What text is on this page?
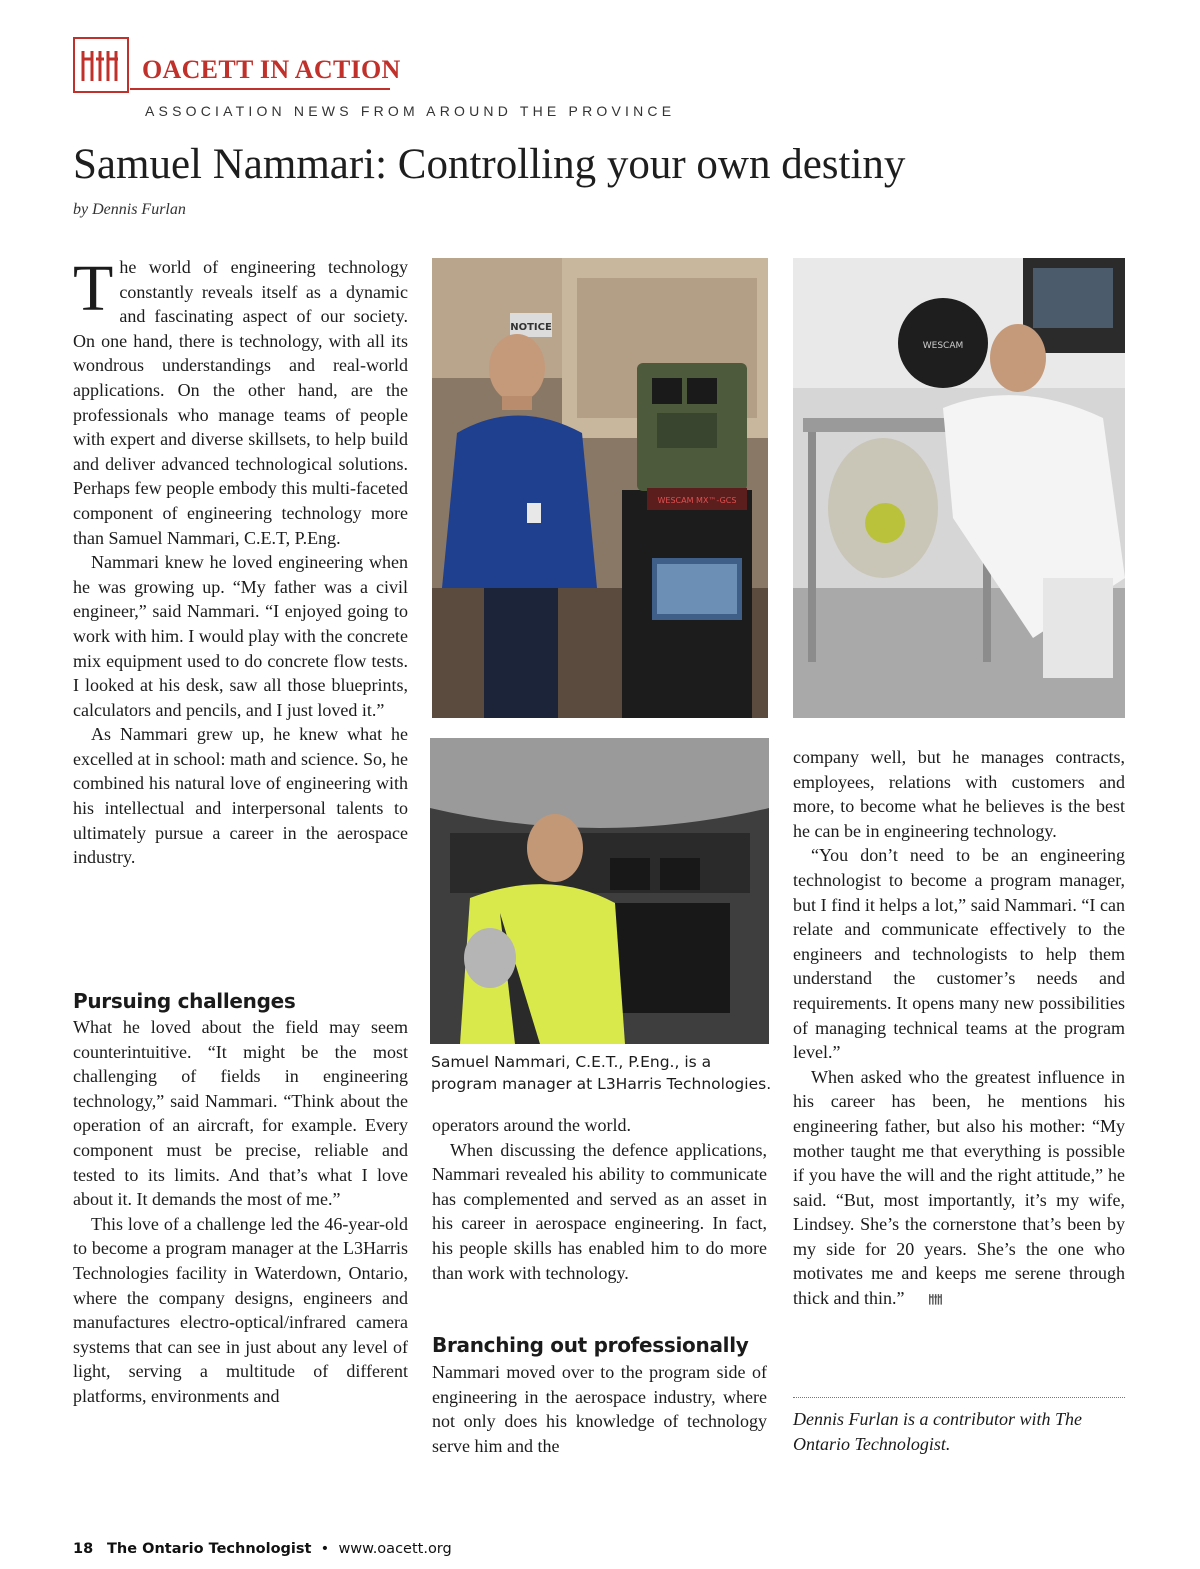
OACETT IN ACTION
ASSOCIATION NEWS FROM AROUND THE PROVINCE
Samuel Nammari: Controlling your own destiny
by Dennis Furlan

The world of engineering technology constantly reveals itself as a dynamic and fascinating aspect of our society. On one hand, there is technology, with all its wondrous understandings and real-world applications. On the other hand, are the professionals who manage teams of people with expert and diverse skillsets, to help build and deliver advanced technological solutions. Perhaps few people embody this multi-faceted component of engineering technology more than Samuel Nammari, C.E.T, P.Eng.

Nammari knew he loved engineering when he was growing up. “My father was a civil engineer,” said Nammari. “I enjoyed going to work with him. I would play with the concrete mix equipment used to do concrete flow tests. I looked at his desk, saw all those blueprints, calculators and pencils, and I just loved it.”

As Nammari grew up, he knew what he excelled at in school: math and science. So, he combined his natural love of engineering with his intellectual and interpersonal talents to ultimately pursue a career in the aerospace industry.

Pursuing challenges

What he loved about the field may seem counterintuitive. “It might be the most challenging of fields in engineering technology,” said Nammari. “Think about the operation of an aircraft, for example. Every component must be precise, reliable and tested to its limits. And that’s what I love about it. It demands the most of me.”

This love of a challenge led the 46-year-old to become a program manager at the L3Harris Technologies facility in Waterdown, Ontario, where the company designs, engineers and manufactures electro-optical/infrared camera systems that can see in just about any level of light, serving a multitude of different platforms, environments and

NOTICE
WESCAM MX™-GCS
WESCAM
Samuel Nammari, C.E.T., P.Eng., is a program manager at L3Harris Technologies.

operators around the world.

When discussing the defence applications, Nammari revealed his ability to communicate has complemented and served as an asset in his career in aerospace engineering. In fact, his people skills has enabled him to do more than work with technology.

Branching out professionally

Nammari moved over to the program side of engineering in the aerospace industry, where not only does his knowledge of technology serve him and the

company well, but he manages contracts, employees, relations with customers and more, to become what he believes is the best he can be in engineering technology.

“You don’t need to be an engineering technologist to become a program manager, but I find it helps a lot,” said Nammari. “I can relate and communicate effectively to the engineers and technologists to help them understand the customer’s needs and requirements. It opens many new possibilities of managing technical teams at the program level.”

When asked who the greatest influence in his career has been, he mentions his engineering father, but also his mother: “My mother taught me that everything is possible if you have the will and the right attitude,” he said. “But, most importantly, it’s my wife, Lindsey. She’s the cornerstone that’s been by my side for 20 years. She’s the one who motivates me and keeps me serene through thick and thin.”

Dennis Furlan is a contributor with The Ontario Technologist.
18 The Ontario Technologist • www.oacett.org
